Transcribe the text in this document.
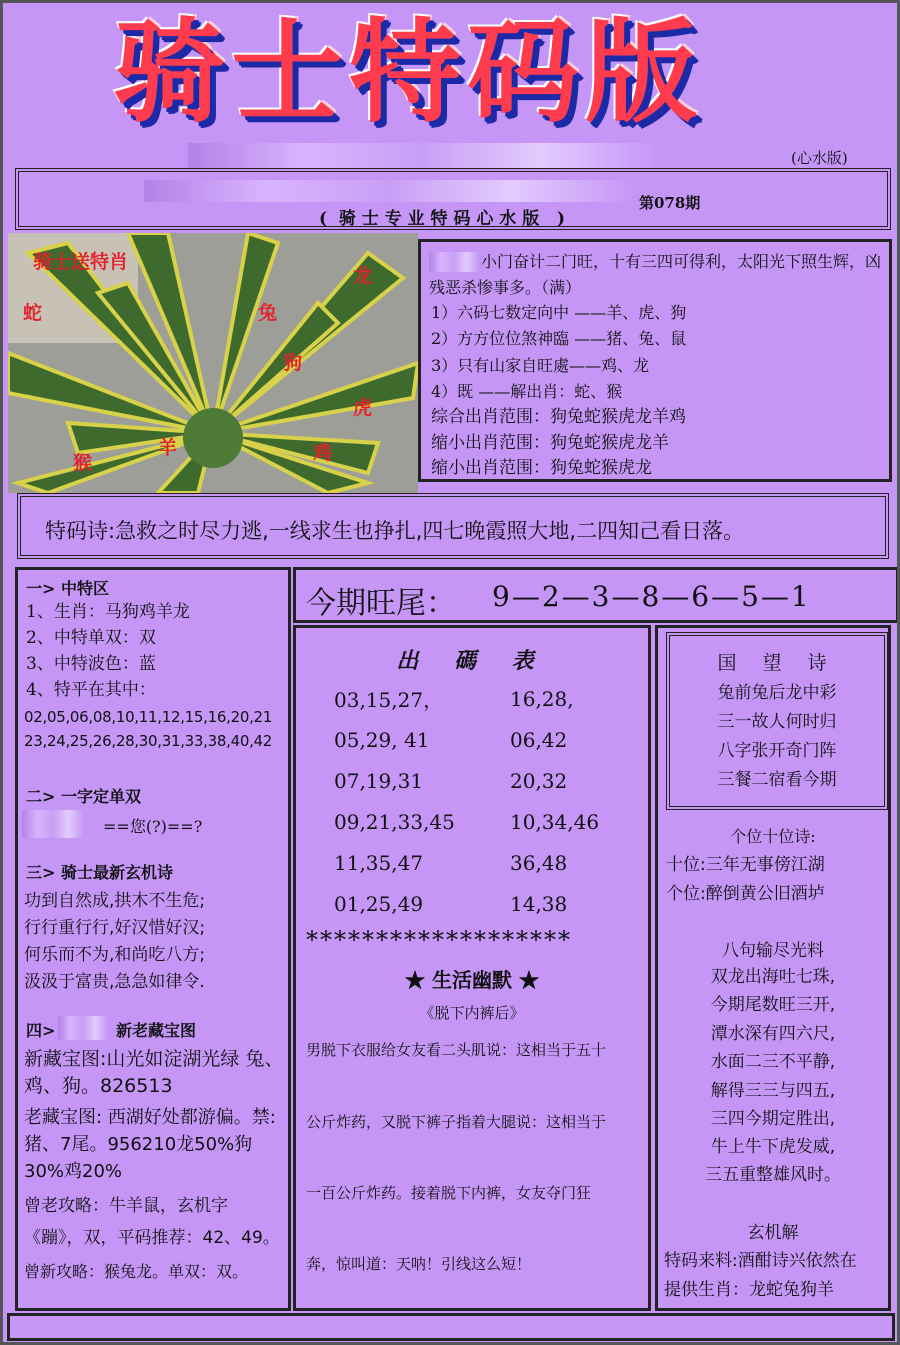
骑士特码版
(心水版)
第078期
(  骑 士 专 业 特 码 心 水 版   )
骑士送特肖
龙
蛇	兔
狗
虎
猴
羊	鸡
小门奋计二门旺，十有三四可得利，太阳光下照生辉，凶残恶杀惨事多。（满）
1）六码七数定向中 ——羊、虎、狗
2）方方位位煞神臨 ——猪、兔、鼠
3）只有山家自旺處——鸡、龙
4）既 ——解出肖：蛇、猴
综合出肖范围：狗兔蛇猴虎龙羊鸡
缩小出肖范围：狗兔蛇猴虎龙羊
缩小出肖范围：狗兔蛇猴虎龙
特码诗:急救之时尽力逃,一线求生也挣扎,四七晚霞照大地,二四知己看日落。
一> 中特区
1、生肖：马狗鸡羊龙
2、中特单双：双
3、中特波色：蓝
4、特平在其中：
02,05,06,08,10,11,12,15,16,20,21
23,24,25,26,28,30,31,33,38,40,42
二> 一字定单双
==您(?)==?
三> 骑士最新玄机诗
功到自然成,拱木不生危;
行行重行行,好汉惜好汉;
何乐而不为,和尚吃八方;
汲汲于富贵,急急如律令.
四>	新老藏宝图
新藏宝图:山光如淀湖光绿 兔、鸡、狗。826513
老藏宝图: 西湖好处都游偏。禁: 猪、7尾。956210龙50%狗30%鸡20%
曾老攻略：牛羊鼠，玄机字《蹦》，双，平码推荐：42、49。
曾新攻略：猴兔龙。单双：双。
今期旺尾： 9—2—3—8—6—5—1
出 碼 表
03,15,27，	16,28,
05,29, 41	06,42
07,19,31	20,32
09,21,33,45	10,34,46
11,35,47	36,48
01,25,49	14,38
*******************
★ 生活幽默 ★
《脱下内裤后》
男脱下衣服给女友看二头肌说：这相当于五十
公斤炸药，又脱下裤子指着大腿说：这相当于
一百公斤炸药。接着脱下内裤，女友夺门狂
奔，惊叫道：天呐！引线这么短！
国 望 诗
兔前兔后龙中彩
三一故人何时归
八字张开奇门阵
三餐二宿看今期
个位十位诗:
十位:三年无事傍江湖
个位:醉倒黄公旧酒垆
八句输尽光料
双龙出海吐七珠,
今期尾数旺三开,
潭水深有四六尺,
水面二三不平静,
解得三三与四五,
三四今期定胜出,
牛上牛下虎发威,
三五重整雄风时。
玄机解
特码来料:酒酣诗兴依然在
提供生肖：龙蛇兔狗羊
